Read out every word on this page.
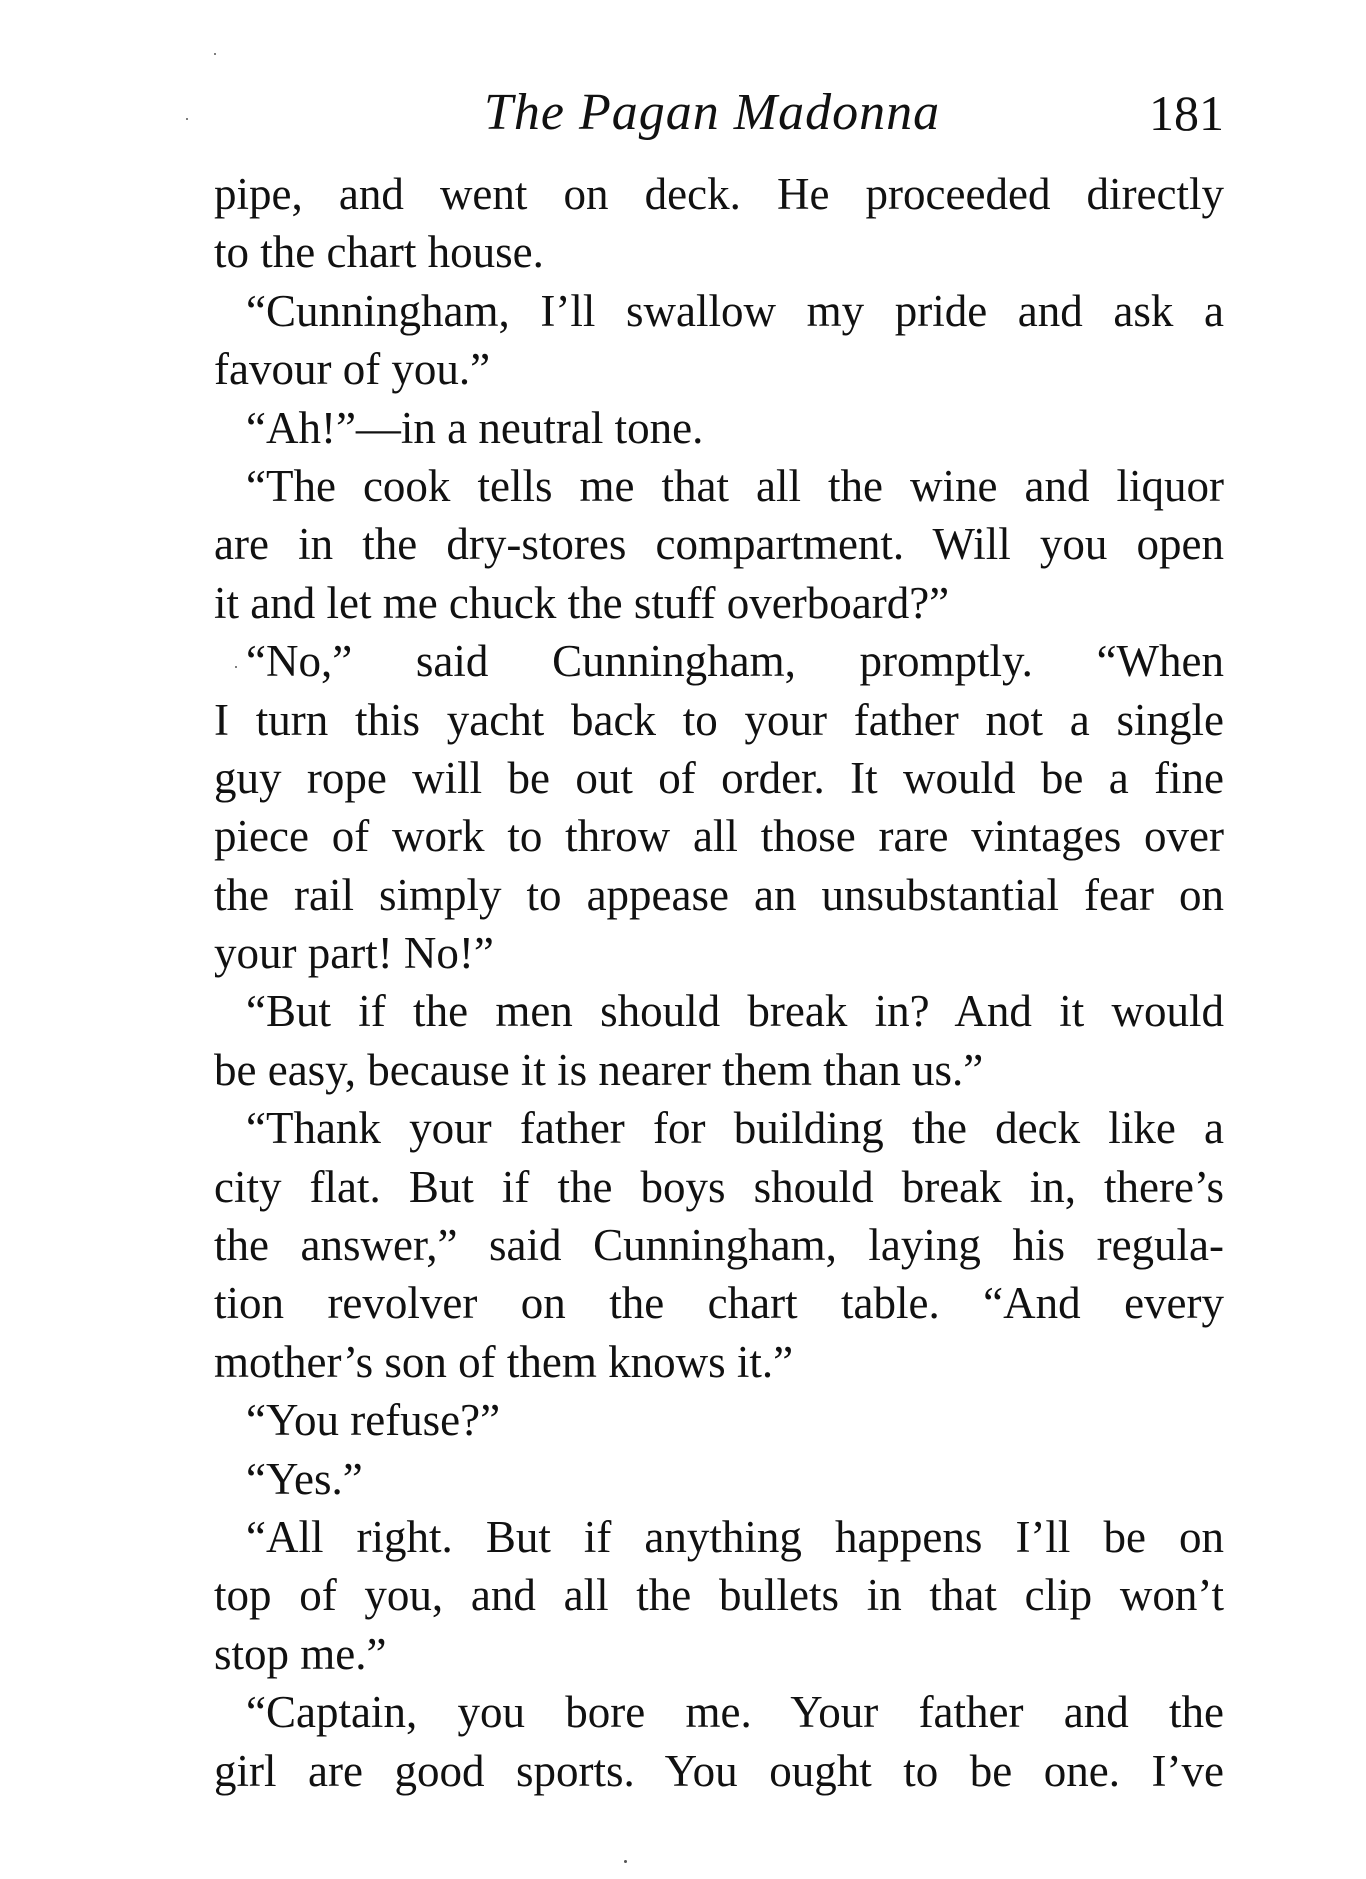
The Pagan Madonna	181
pipe, and went on deck. He proceeded directly
to the chart house.
“Cunningham, I’ll swallow my pride and ask a
favour of you.”
“Ah!”—in a neutral tone.
“The cook tells me that all the wine and liquor
are in the dry-stores compartment. Will you open
it and let me chuck the stuff overboard?”
“No,” said Cunningham, promptly. “When
I turn this yacht back to your father not a single
guy rope will be out of order. It would be a fine
piece of work to throw all those rare vintages over
the rail simply to appease an unsubstantial fear on
your part! No!”
“But if the men should break in? And it would
be easy, because it is nearer them than us.”
“Thank your father for building the deck like a
city flat. But if the boys should break in, there’s
the answer,” said Cunningham, laying his regula-
tion revolver on the chart table. “And every
mother’s son of them knows it.”
“You refuse?”
“Yes.”
“All right. But if anything happens I’ll be on
top of you, and all the bullets in that clip won’t
stop me.”
“Captain, you bore me. Your father and the
girl are good sports. You ought to be one. I’ve
